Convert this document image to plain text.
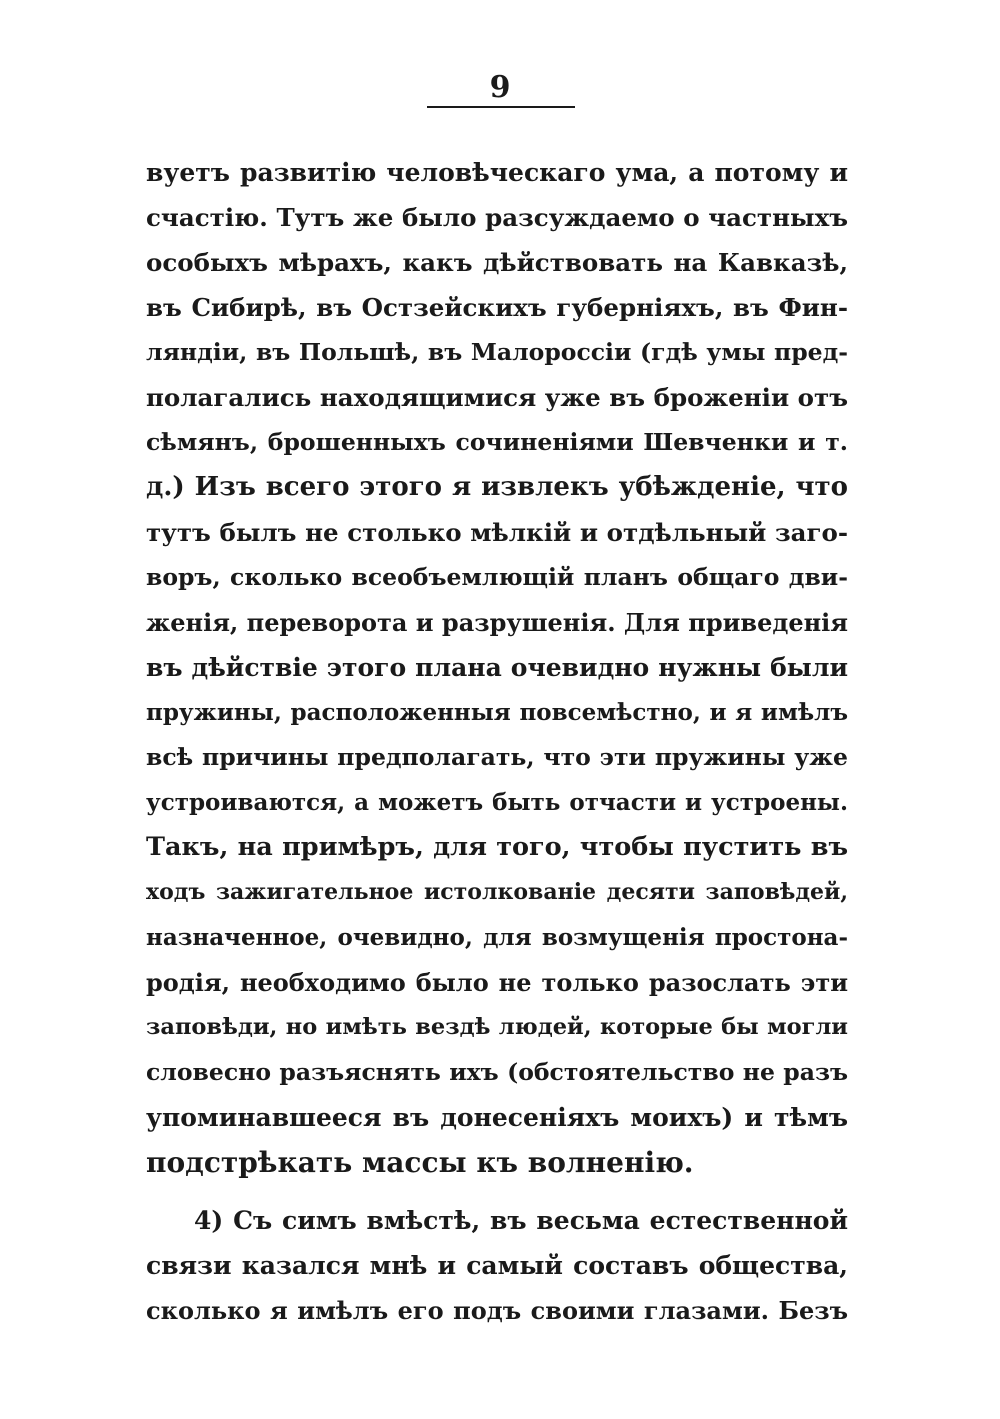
9
вуетъ развитію человѣческаго ума, а потому и
счастію. Тутъ же было разсуждаемо о частныхъ
особыхъ мѣрахъ, какъ дѣйствовать на Кавказѣ,
въ Сибирѣ, въ Остзейскихъ губерніяхъ, въ Фин-
ляндіи, въ Польшѣ, въ Малороссіи (гдѣ умы пред-
полагались находящимися уже въ броженіи отъ
сѣмянъ, брошенныхъ сочиненіями Шевченки и т.
д.) Изъ всего этого я извлекъ убѣжденіе, что
тутъ былъ не столько мѣлкій и отдѣльный заго-
воръ, сколько всеобъемлющій планъ общаго дви-
женія, переворота и разрушенія. Для приведенія
въ дѣйствіе этого плана очевидно нужны были
пружины, расположенныя повсемѣстно, и я имѣлъ
всѣ причины предполагать, что эти пружины уже
устроиваются, а можетъ быть отчасти и устроены.
Такъ, на примѣръ, для того, чтобы пустить въ
ходъ зажигательное истолкованіе десяти заповѣдей,
назначенное, очевидно, для возмущенія простона-
родія, необходимо было не только разослать эти
заповѣди, но имѣть вездѣ людей, которые бы могли
словесно разъяснять ихъ (обстоятельство не разъ
упоминавшееся въ донесеніяхъ моихъ) и тѣмъ
подстрѣкать массы къ волненію.
4) Съ симъ вмѣстѣ, въ весьма естественной
связи казался мнѣ и самый составъ общества,
сколько я имѣлъ его подъ своими глазами. Безъ
